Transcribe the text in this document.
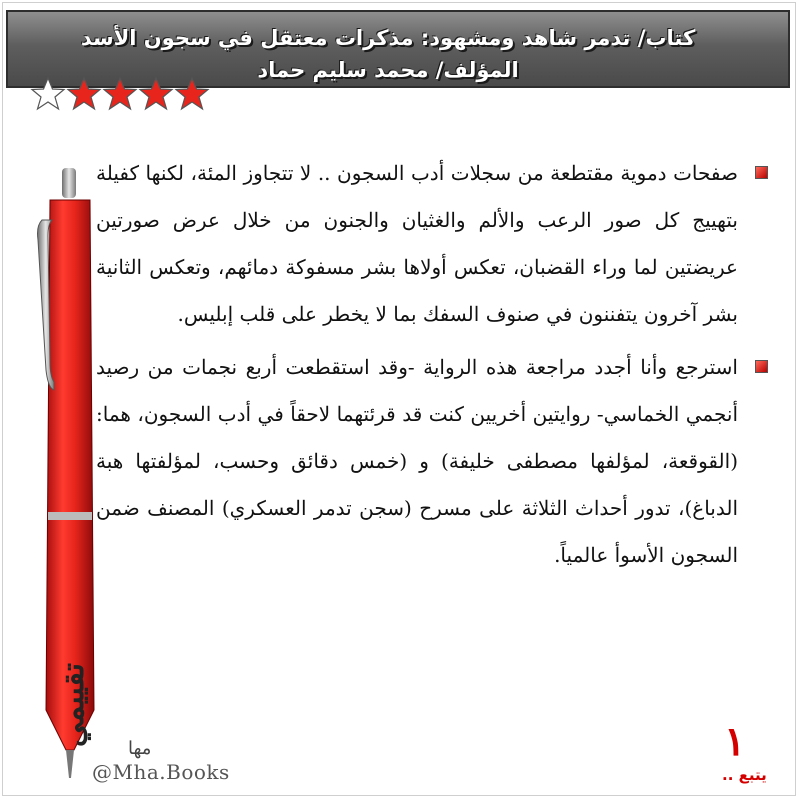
كتاب/ تدمر شاهد ومشهود: مذكرات معتقل في سجون الأسد
المؤلف/ محمد سليم حماد

صفحات دموية مقتطعة من سجلات أدب السجون .. لا تتجاوز المئة، لكنها كفيلة بتهييج كل صور الرعب والألم والغثيان والجنون من خلال عرض صورتين عريضتين لما وراء القضبان، تعكس أولاها بشر مسفوكة دمائهم، وتعكس الثانية بشر آخرون يتفننون في صنوف السفك بما لا يخطر على قلب إبليس.

استرجع وأنا أجدد مراجعة هذه الرواية -وقد استقطعت أربع نجمات من رصيد أنجمي الخماسي- روايتين أخريين كنت قد قرئتهما لاحقاً في أدب السجون، هما: (القوقعة، لمؤلفها مصطفى خليفة) و (خمس دقائق وحسب، لمؤلفتها هبة الدباغ)، تدور أحداث الثلاثة على مسرح (سجن تدمر العسكري) المصنف ضمن السجون الأسوأ عالمياً.

تقييمي
مها
@Mha.Books
١
يتبع ..
